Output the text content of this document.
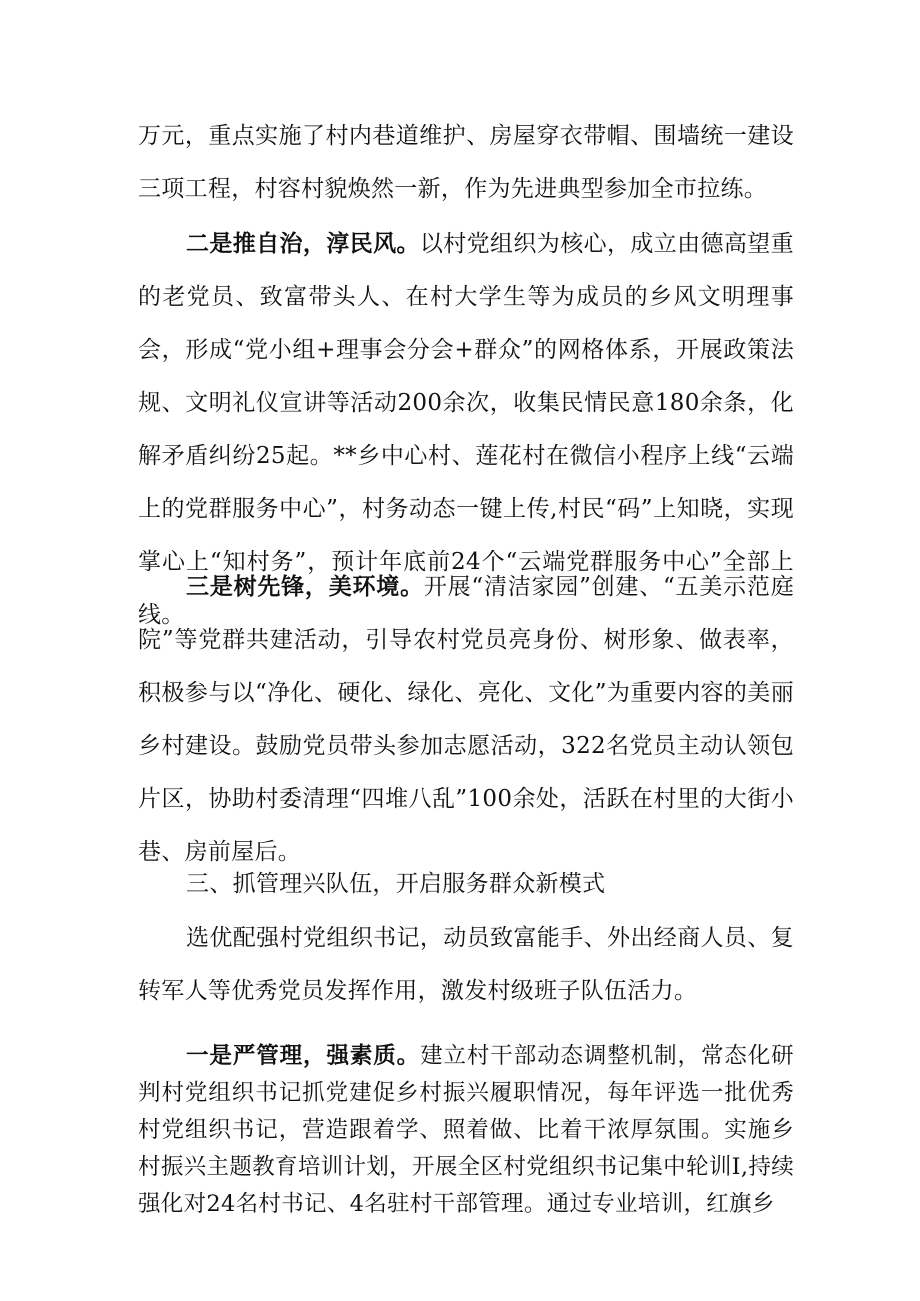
万元，重点实施了村内巷道维护、房屋穿衣带帽、围墙统一建设三项工程，村容村貌焕然一新，作为先进典型参加全市拉练。

二是推自治，淳民风。以村党组织为核心，成立由德高望重的老党员、致富带头人、在村大学生等为成员的乡风文明理事会，形成“党小组+理事会分会+群众”的网格体系，开展政策法规、文明礼仪宣讲等活动200余次，收集民情民意180余条，化解矛盾纠纷25起。**乡中心村、莲花村在微信小程序上线“云端上的党群服务中心”，村务动态一键上传,村民“码”上知晓，实现掌心上“知村务”，预计年底前24个“云端党群服务中心”全部上线。

三是树先锋，美环境。开展“清洁家园”创建、“五美示范庭院”等党群共建活动，引导农村党员亮身份、树形象、做表率，积极参与以“净化、硬化、绿化、亮化、文化”为重要内容的美丽乡村建设。鼓励党员带头参加志愿活动，322名党员主动认领包片区，协助村委清理“四堆八乱”100余处，活跃在村里的大街小巷、房前屋后。

三、抓管理兴队伍，开启服务群众新模式

选优配强村党组织书记，动员致富能手、外出经商人员、复转军人等优秀党员发挥作用，激发村级班子队伍活力。

一是严管理，强素质。建立村干部动态调整机制，常态化研判村党组织书记抓党建促乡村振兴履职情况，每年评选一批优秀村党组织书记，营造跟着学、照着做、比着干浓厚氛围。实施乡村振兴主题教育培训计划，开展全区村党组织书记集中轮训I,持续强化对24名村书记、4名驻村干部管理。通过专业培训，红旗乡
